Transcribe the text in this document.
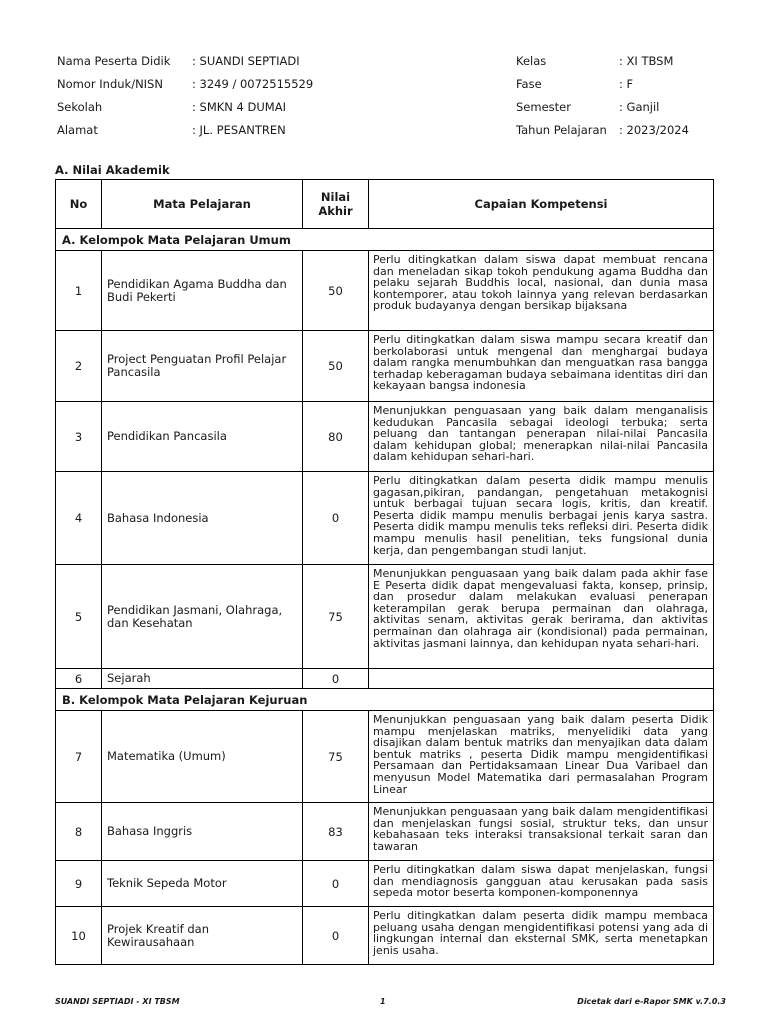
Nama Peserta Didik : SUANDI SEPTIADI
Nomor Induk/NISN	: 3249 / 0072515529
Sekolah	: SMKN 4 DUMAI
Alamat	: JL. PESANTREN
Kelas	: XI TBSM
Fase	: F
Semester	: Ganjil
Tahun Pelajaran : 2023/2024
A. Nilai Akademik
No	Mata Pelajaran	Nilai Akhir	Capaian Kompetensi
A. Kelompok Mata Pelajaran Umum			
1	Pendidikan Agama Buddha dan Budi Pekerti	50	Perlu ditingkatkan dalam siswa dapat membuat rencana dan meneladan sikap tokoh pendukung agama Buddha dan pelaku sejarah Buddhis local, nasional, dan dunia masa kontemporer, atau tokoh lainnya yang relevan berdasarkan produk budayanya dengan bersikap bijaksana
2	Project Penguatan Profil Pelajar Pancasila	50	Perlu ditingkatkan dalam siswa mampu secara kreatif dan berkolaborasi untuk mengenal dan menghargai budaya dalam rangka menumbuhkan dan menguatkan rasa bangga terhadap keberagaman budaya sebaimana identitas diri dan kekayaan bangsa indonesia
3	Pendidikan Pancasila	80	Menunjukkan penguasaan yang baik dalam menganalisis kedudukan Pancasila sebagai ideologi terbuka; serta peluang dan tantangan penerapan nilai-nilai Pancasila dalam kehidupan global; menerapkan nilai-nilai Pancasila dalam kehidupan sehari-hari.
4	Bahasa Indonesia	0	Perlu ditingkatkan dalam peserta didik mampu menulis gagasan,pikiran, pandangan, pengetahuan metakognisi untuk berbagai tujuan secara logis, kritis, dan kreatif. Peserta didik mampu menulis berbagai jenis karya sastra. Peserta didik mampu menulis teks refleksi diri. Peserta didik mampu menulis hasil penelitian, teks fungsional dunia kerja, dan pengembangan studi lanjut.
5	Pendidikan Jasmani, Olahraga, dan Kesehatan	75	Menunjukkan penguasaan yang baik dalam pada akhir fase E Peserta didik dapat mengevaluasi fakta, konsep, prinsip, dan prosedur dalam melakukan evaluasi penerapan keterampilan gerak berupa permainan dan olahraga, aktivitas senam, aktivitas gerak berirama, dan aktivitas permainan dan olahraga air (kondisional) pada permainan, aktivitas jasmani lainnya, dan kehidupan nyata sehari-hari.
6	Sejarah	0	
B. Kelompok Mata Pelajaran Kejuruan			
7	Matematika (Umum)	75	Menunjukkan penguasaan yang baik dalam peserta Didik mampu menjelaskan matriks, menyelidiki data yang disajikan dalam bentuk matriks dan menyajikan data dalam bentuk matriks , peserta Didik mampu mengidentifikasi Persamaan dan Pertidaksamaan Linear Dua Varibael dan menyusun Model Matematika dari permasalahan Program Linear
8	Bahasa Inggris	83	Menunjukkan penguasaan yang baik dalam mengidentifikasi dan menjelaskan fungsi sosial, struktur teks, dan unsur kebahasaan teks interaksi transaksional terkait saran dan tawaran
9	Teknik Sepeda Motor	0	Perlu ditingkatkan dalam siswa dapat menjelaskan, fungsi dan mendiagnosis gangguan atau kerusakan pada sasis sepeda motor beserta komponen-komponennya
10	Projek Kreatif dan Kewirausahaan	0	Perlu ditingkatkan dalam peserta didik mampu membaca peluang usaha dengan mengidentifikasi potensi yang ada di lingkungan internal dan eksternal SMK, serta menetapkan jenis usaha.
SUANDI SEPTIADI - XI TBSM	1	Dicetak dari e-Rapor SMK v.7.0.3
